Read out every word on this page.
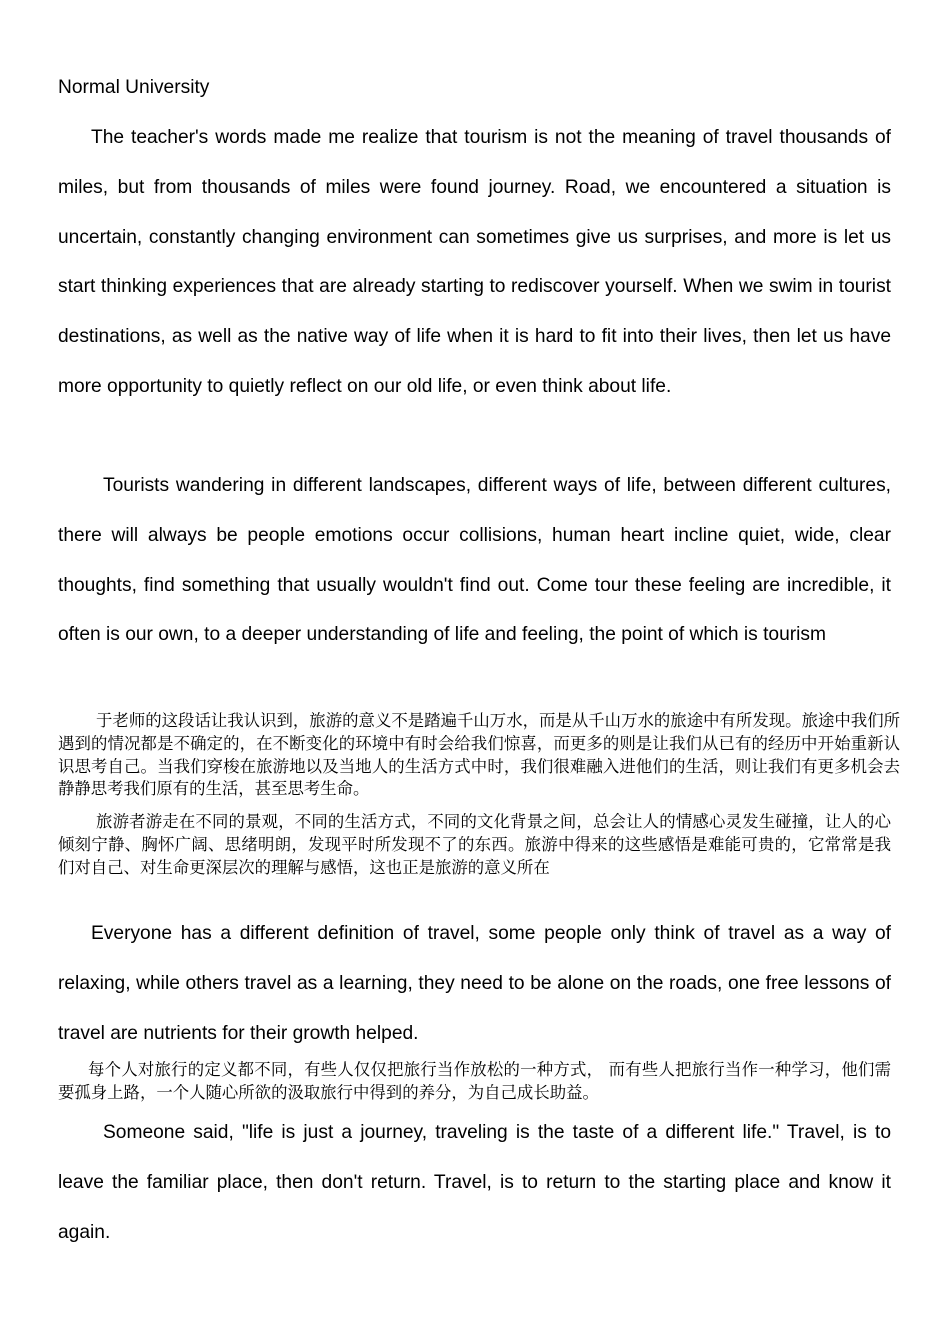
Normal University

The teacher's words made me realize that tourism is not the meaning of travel thousands of miles, but from thousands of miles were found journey. Road, we encountered a situation is uncertain, constantly changing environment can sometimes give us surprises, and more is let us start thinking experiences that are already starting to rediscover yourself. When we swim in tourist destinations, as well as the native way of life when it is hard to fit into their lives, then let us have more opportunity to quietly reflect on our old life, or even think about life.

Tourists wandering in different landscapes, different ways of life, between different cultures, there will always be people emotions occur collisions, human heart incline quiet, wide, clear thoughts, find something that usually wouldn't find out. Come tour these feeling are incredible, it often is our own, to a deeper understanding of life and feeling, the point of which is tourism

于老师的这段话让我认识到，旅游的意义不是踏遍千山万水，而是从千山万水的旅途中有所发现。旅途中我们所遇到的情况都是不确定的，在不断变化的环境中有时会给我们惊喜，而更多的则是让我们从已有的经历中开始重新认识思考自己。当我们穿梭在旅游地以及当地人的生活方式中时，我们很难融入进他们的生活，则让我们有更多机会去静静思考我们原有的生活，甚至思考生命。

旅游者游走在不同的景观，不同的生活方式，不同的文化背景之间，总会让人的情感心灵发生碰撞，让人的心倾刻宁静、胸怀广阔、思绪明朗，发现平时所发现不了的东西。旅游中得来的这些感悟是难能可贵的，它常常是我们对自己、对生命更深层次的理解与感悟，这也正是旅游的意义所在

Everyone has a different definition of travel, some people only think of travel as a way of relaxing, while others travel as a learning, they need to be alone on the roads, one free lessons of travel are nutrients for their growth helped.

每个人对旅行的定义都不同，有些人仅仅把旅行当作放松的一种方式， 而有些人把旅行当作一种学习，他们需要孤身上路，一个人随心所欲的汲取旅行中得到的养分，为自己成长助益。

Someone said, "life is just a journey, traveling is the taste of a different life." Travel, is to leave the familiar place, then don't return. Travel, is to return to the starting place and know it again.
